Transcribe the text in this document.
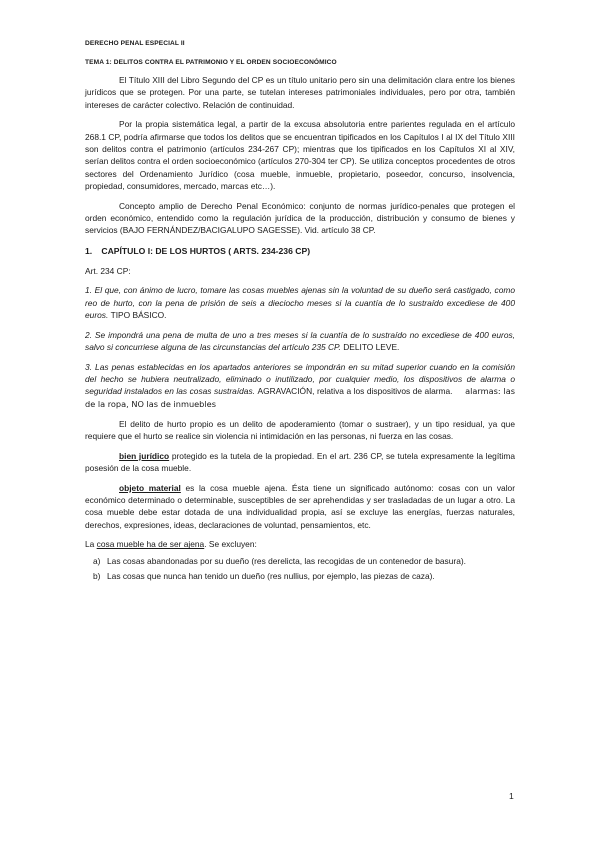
DERECHO PENAL ESPECIAL II
TEMA 1: DELITOS CONTRA EL PATRIMONIO Y EL ORDEN SOCIOECONÓMICO

El Título XIII del Libro Segundo del CP es un título unitario pero sin una delimitación clara entre los bienes jurídicos que se protegen. Por una parte, se tutelan intereses patrimoniales individuales, pero por otra, también intereses de carácter colectivo. Relación de continuidad.

Por la propia sistemática legal, a partir de la excusa absolutoria entre parientes regulada en el artículo 268.1 CP, podría afirmarse que todos los delitos que se encuentran tipificados en los Capítulos I al IX del Título XIII son delitos contra el patrimonio (artículos 234-267 CP); mientras que los tipificados en los Capítulos XI al XIV, serían delitos contra el orden socioeconómico (artículos 270-304 ter CP). Se utiliza conceptos procedentes de otros sectores del Ordenamiento Jurídico (cosa mueble, inmueble, propietario, poseedor, concurso, insolvencia, propiedad, consumidores, mercado, marcas etc…).

Concepto amplio de Derecho Penal Económico: conjunto de normas jurídico-penales que protegen el orden económico, entendido como la regulación jurídica de la producción, distribución y consumo de bienes y servicios (BAJO FERNÁNDEZ/BACIGALUPO SAGESSE). Vid. artículo 38 CP.

1. CAPÍTULO I: DE LOS HURTOS ( ARTS. 234-236 CP)

Art. 234 CP:

1. El que, con ánimo de lucro, tomare las cosas muebles ajenas sin la voluntad de su dueño será castigado, como reo de hurto, con la pena de prisión de seis a dieciocho meses si la cuantía de lo sustraído excediese de 400 euros. TIPO BÁSICO.

2. Se impondrá una pena de multa de uno a tres meses si la cuantía de lo sustraído no excediese de 400 euros, salvo si concurriese alguna de las circunstancias del artículo 235 CP. DELITO LEVE.

3. Las penas establecidas en los apartados anteriores se impondrán en su mitad superior cuando en la comisión del hecho se hubiera neutralizado, eliminado o inutilizado, por cualquier medio, los dispositivos de alarma o seguridad instalados en las cosas sustraídas. AGRAVACIÓN, relativa a los dispositivos de alarma. alarmas: las de la ropa, NO las de inmuebles

El delito de hurto propio es un delito de apoderamiento (tomar o sustraer), y un tipo residual, ya que requiere que el hurto se realice sin violencia ni intimidación en las personas, ni fuerza en las cosas.

bien jurídico protegido es la tutela de la propiedad. En el art. 236 CP, se tutela expresamente la legítima posesión de la cosa mueble.

objeto material es la cosa mueble ajena. Ésta tiene un significado autónomo: cosas con un valor económico determinado o determinable, susceptibles de ser aprehendidas y ser trasladadas de un lugar a otro. La cosa mueble debe estar dotada de una individualidad propia, así se excluye las energías, fuerzas naturales, derechos, expresiones, ideas, declaraciones de voluntad, pensamientos, etc.

La cosa mueble ha de ser ajena. Se excluyen:

a) Las cosas abandonadas por su dueño (res derelicta, las recogidas de un contenedor de basura).
b) Las cosas que nunca han tenido un dueño (res nullius, por ejemplo, las piezas de caza).
1
